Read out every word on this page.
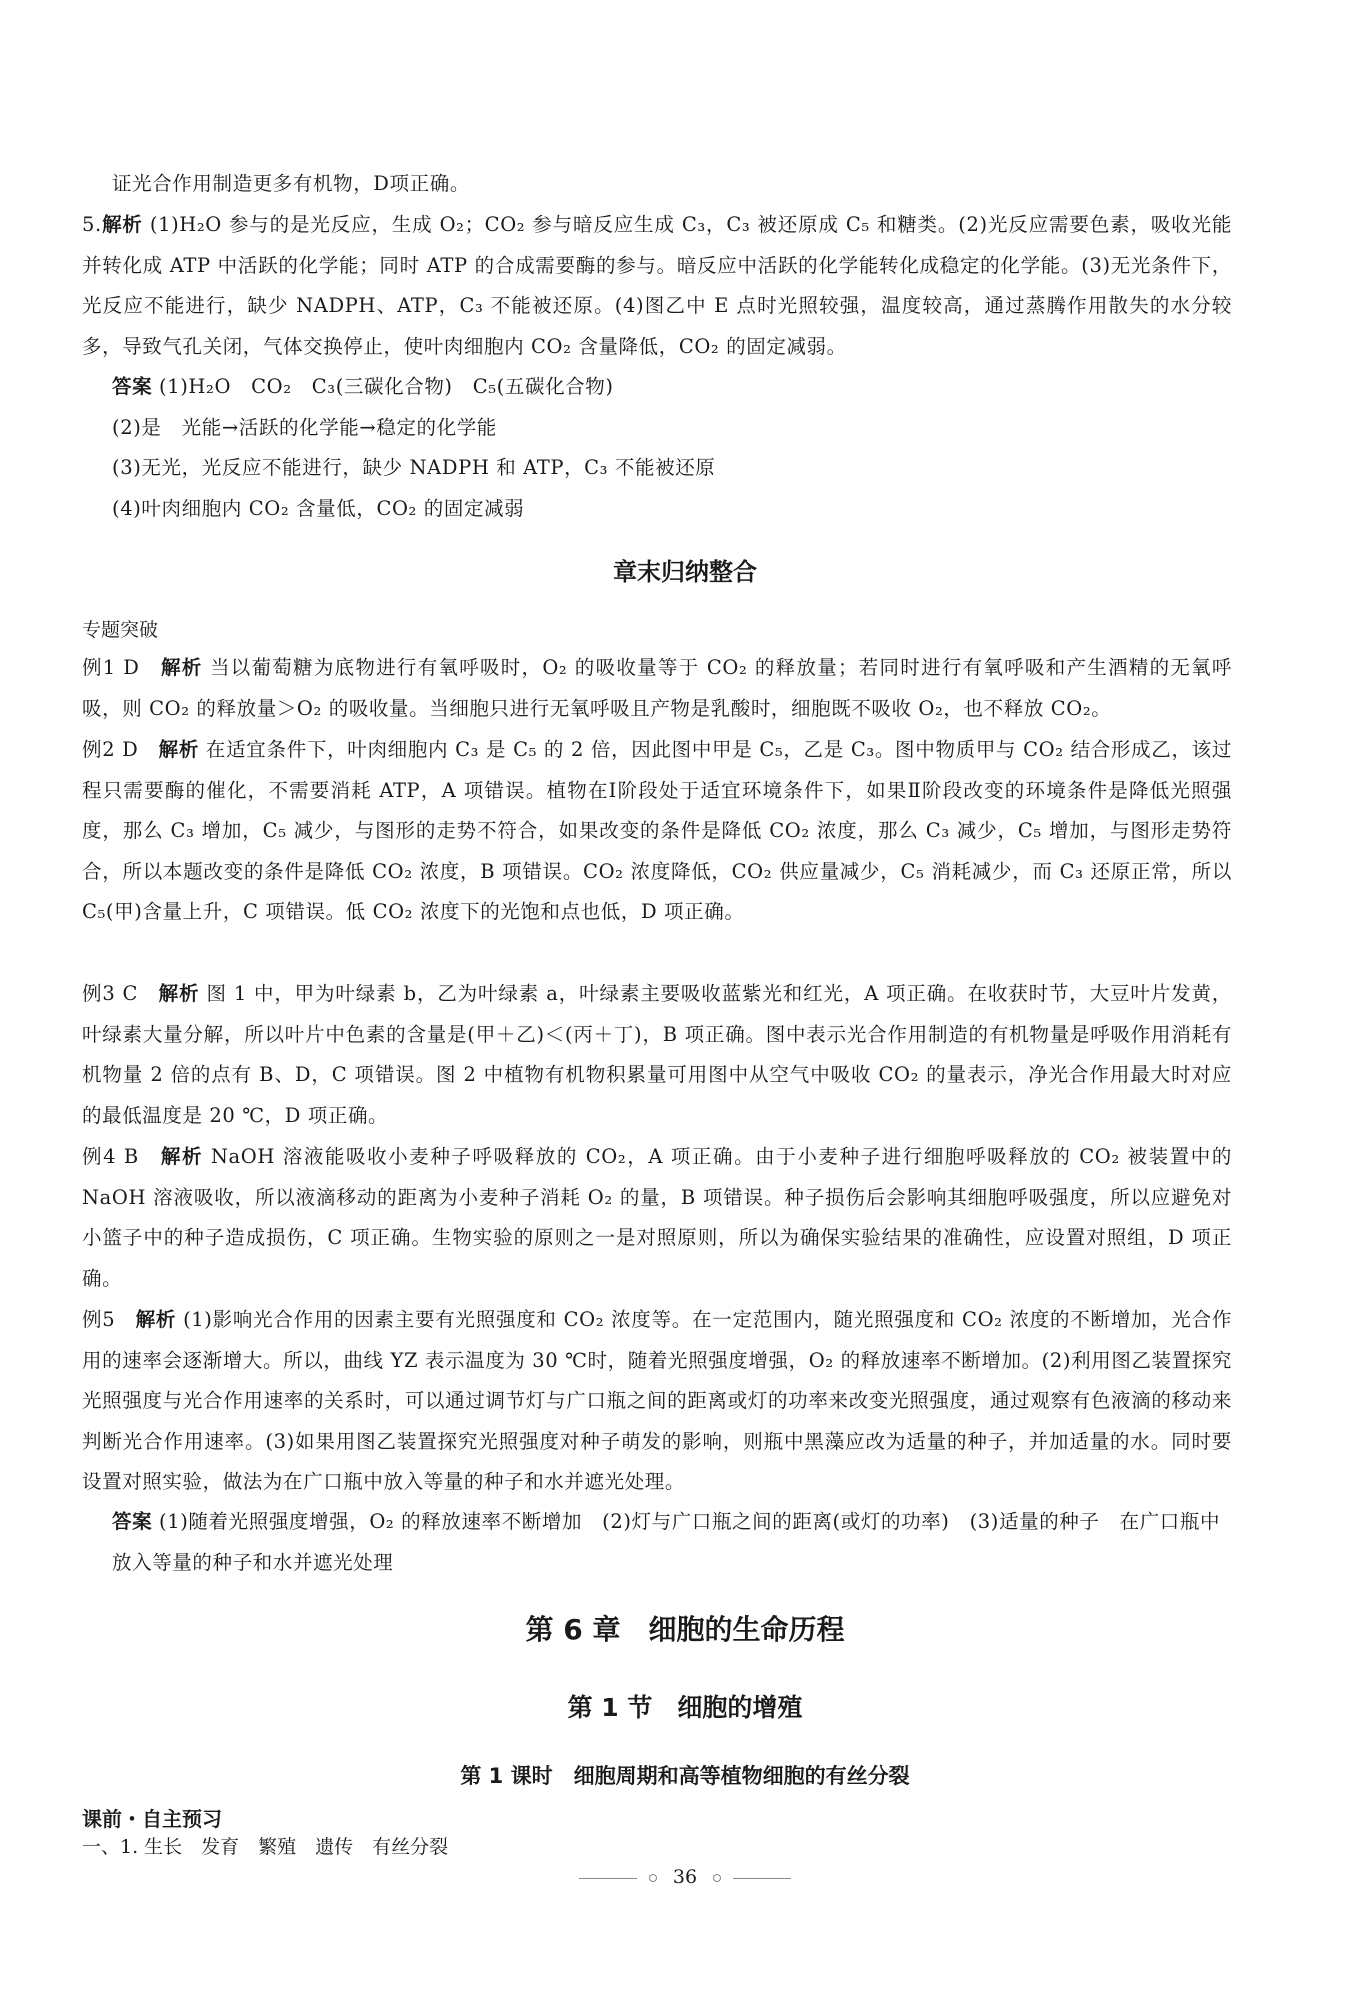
证光合作用制造更多有机物，D项正确。
5.解析 (1)H₂O 参与的是光反应，生成 O₂；CO₂ 参与暗反应生成 C₃，C₃ 被还原成 C₅ 和糖类。(2)光反应需要色素，吸收光能并转化成 ATP 中活跃的化学能；同时 ATP 的合成需要酶的参与。暗反应中活跃的化学能转化成稳定的化学能。(3)无光条件下，光反应不能进行，缺少 NADPH、ATP，C₃ 不能被还原。(4)图乙中 E 点时光照较强，温度较高，通过蒸腾作用散失的水分较多，导致气孔关闭，气体交换停止，使叶肉细胞内 CO₂ 含量降低，CO₂ 的固定减弱。
答案 (1)H₂O　CO₂　C₃(三碳化合物)　C₅(五碳化合物)
(2)是　光能→活跃的化学能→稳定的化学能
(3)无光，光反应不能进行，缺少 NADPH 和 ATP，C₃ 不能被还原
(4)叶肉细胞内 CO₂ 含量低，CO₂ 的固定减弱
章末归纳整合
专题突破
例1 D　 解析 当以葡萄糖为底物进行有氧呼吸时，O₂ 的吸收量等于 CO₂ 的释放量；若同时进行有氧呼吸和产生酒精的无氧呼吸，则 CO₂ 的释放量＞O₂ 的吸收量。当细胞只进行无氧呼吸且产物是乳酸时，细胞既不吸收 O₂，也不释放 CO₂。
例2 D　 解析 在适宜条件下，叶肉细胞内 C₃ 是 C₅ 的 2 倍，因此图中甲是 C₅，乙是 C₃。图中物质甲与 CO₂ 结合形成乙，该过程只需要酶的催化，不需要消耗 ATP，A 项错误。植物在Ⅰ阶段处于适宜环境条件下，如果Ⅱ阶段改变的环境条件是降低光照强度，那么 C₃ 增加，C₅ 减少，与图形的走势不符合，如果改变的条件是降低 CO₂ 浓度，那么 C₃ 减少，C₅ 增加，与图形走势符合，所以本题改变的条件是降低 CO₂ 浓度，B 项错误。CO₂ 浓度降低，CO₂ 供应量减少，C₅ 消耗减少，而 C₃ 还原正常，所以 C₅(甲)含量上升，C 项错误。低 CO₂ 浓度下的光饱和点也低，D 项正确。
例3 C　 解析 图 1 中，甲为叶绿素 b，乙为叶绿素 a，叶绿素主要吸收蓝紫光和红光，A 项正确。在收获时节，大豆叶片发黄，叶绿素大量分解，所以叶片中色素的含量是(甲＋乙)＜(丙＋丁)，B 项正确。图中表示光合作用制造的有机物量是呼吸作用消耗有机物量 2 倍的点有 B、D，C 项错误。图 2 中植物有机物积累量可用图中从空气中吸收 CO₂ 的量表示，净光合作用最大时对应的最低温度是 20 ℃，D 项正确。
例4 B　 解析 NaOH 溶液能吸收小麦种子呼吸释放的 CO₂，A 项正确。由于小麦种子进行细胞呼吸释放的 CO₂ 被装置中的 NaOH 溶液吸收，所以液滴移动的距离为小麦种子消耗 O₂ 的量，B 项错误。种子损伤后会影响其细胞呼吸强度，所以应避免对小篮子中的种子造成损伤，C 项正确。生物实验的原则之一是对照原则，所以为确保实验结果的准确性，应设置对照组，D 项正确。
例5　 解析 (1)影响光合作用的因素主要有光照强度和 CO₂ 浓度等。在一定范围内，随光照强度和 CO₂ 浓度的不断增加，光合作用的速率会逐渐增大。所以，曲线 YZ 表示温度为 30 ℃时，随着光照强度增强，O₂ 的释放速率不断增加。(2)利用图乙装置探究光照强度与光合作用速率的关系时，可以通过调节灯与广口瓶之间的距离或灯的功率来改变光照强度，通过观察有色液滴的移动来判断光合作用速率。(3)如果用图乙装置探究光照强度对种子萌发的影响，则瓶中黑藻应改为适量的种子，并加适量的水。同时要设置对照实验，做法为在广口瓶中放入等量的种子和水并遮光处理。
答案 (1)随着光照强度增强，O₂ 的释放速率不断增加　(2)灯与广口瓶之间的距离(或灯的功率)　(3)适量的种子　在广口瓶中放入等量的种子和水并遮光处理
第 6 章　细胞的生命历程
第 1 节　细胞的增殖
第 1 课时　细胞周期和高等植物细胞的有丝分裂
课前・自主预习
一、1. 生长　发育　繁殖　遗传　有丝分裂
36
